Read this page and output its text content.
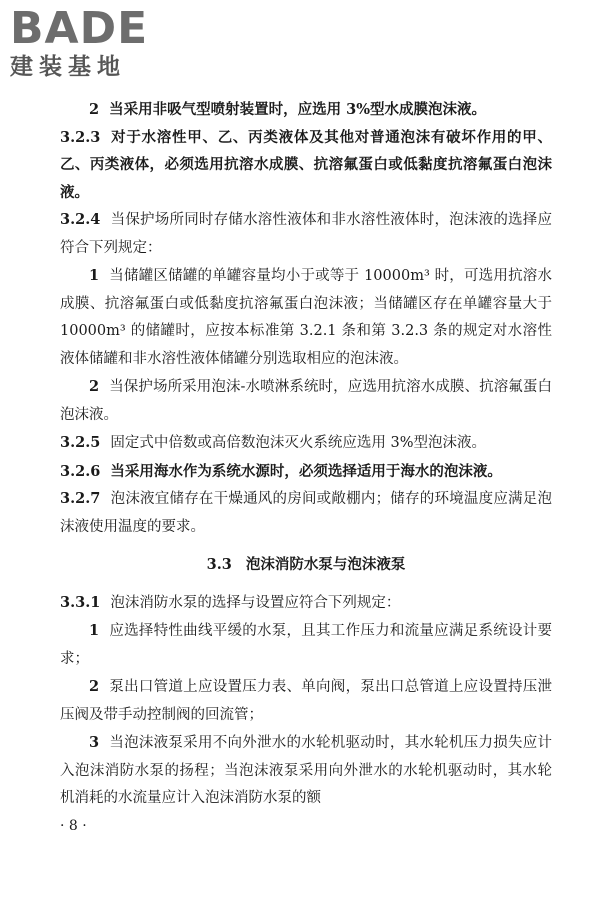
BADE
建装基地

2 当采用非吸气型喷射装置时，应选用 3%型水成膜泡沫液。

3.2.3 对于水溶性甲、乙、丙类液体及其他对普通泡沫有破坏作用的甲、乙、丙类液体，必须选用抗溶水成膜、抗溶氟蛋白或低黏度抗溶氟蛋白泡沫液。

3.2.4 当保护场所同时存储水溶性液体和非水溶性液体时，泡沫液的选择应符合下列规定：

1 当储罐区储罐的单罐容量均小于或等于 10000m³ 时，可选用抗溶水成膜、抗溶氟蛋白或低黏度抗溶氟蛋白泡沫液；当储罐区存在单罐容量大于 10000m³ 的储罐时，应按本标准第 3.2.1 条和第 3.2.3 条的规定对水溶性液体储罐和非水溶性液体储罐分别选取相应的泡沫液。

2 当保护场所采用泡沫-水喷淋系统时，应选用抗溶水成膜、抗溶氟蛋白泡沫液。

3.2.5 固定式中倍数或高倍数泡沫灭火系统应选用 3%型泡沫液。

3.2.6 当采用海水作为系统水源时，必须选择适用于海水的泡沫液。

3.2.7 泡沫液宜储存在干燥通风的房间或敞棚内；储存的环境温度应满足泡沫液使用温度的要求。

3.3 泡沫消防水泵与泡沫液泵

3.3.1 泡沫消防水泵的选择与设置应符合下列规定：

1 应选择特性曲线平缓的水泵，且其工作压力和流量应满足系统设计要求；

2 泵出口管道上应设置压力表、单向阀，泵出口总管道上应设置持压泄压阀及带手动控制阀的回流管；

3 当泡沫液泵采用不向外泄水的水轮机驱动时，其水轮机压力损失应计入泡沫消防水泵的扬程；当泡沫液泵采用向外泄水的水轮机驱动时，其水轮机消耗的水流量应计入泡沫消防水泵的额

· 8 ·
